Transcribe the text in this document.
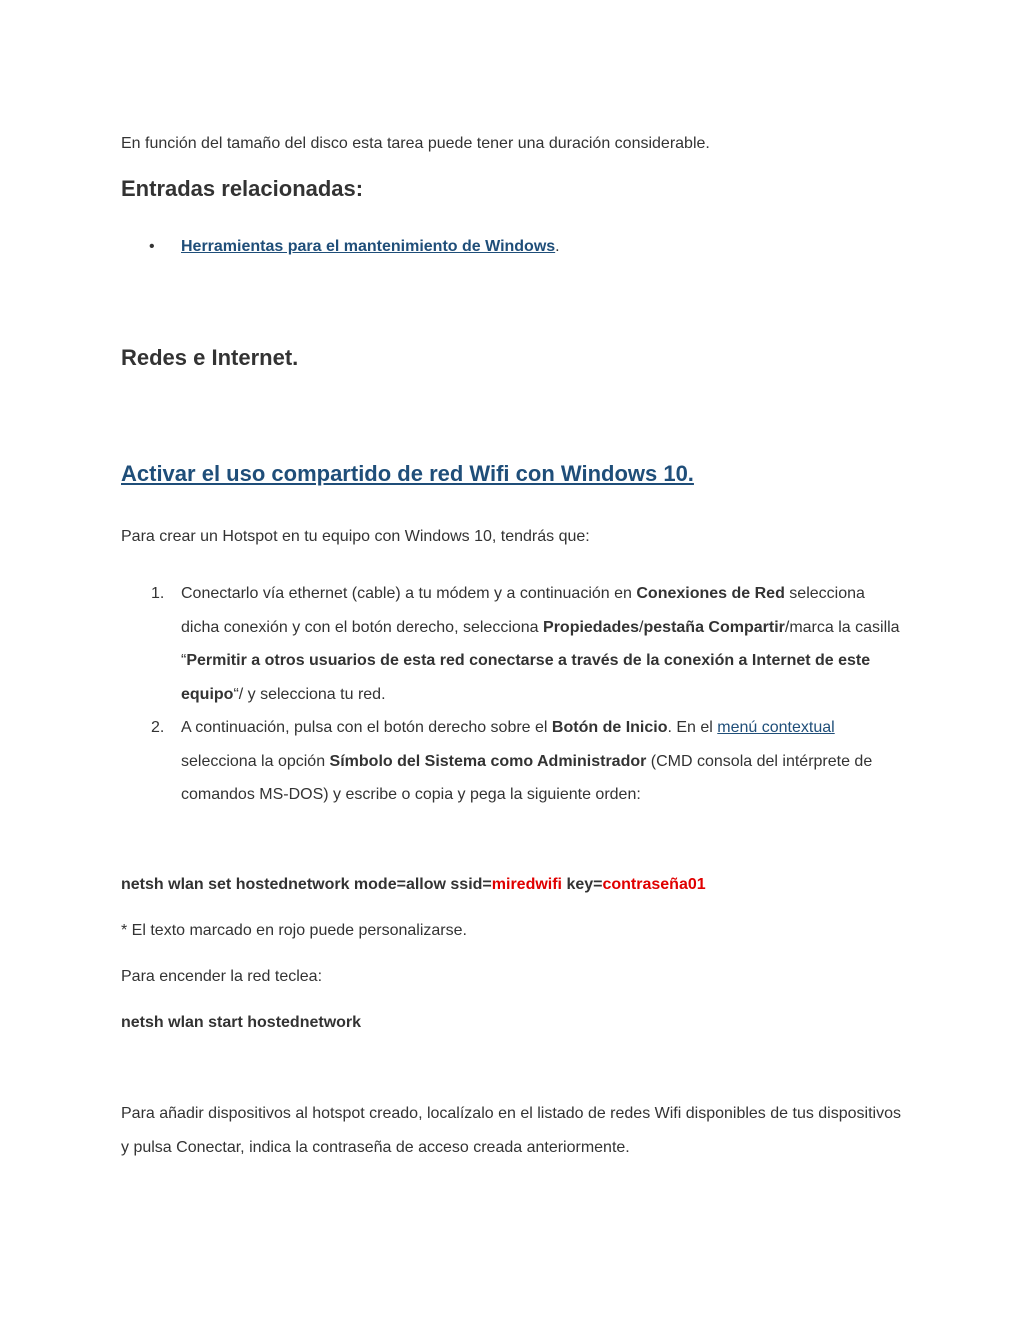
En función del tamaño del disco esta tarea puede tener una duración considerable.

Entradas relacionadas:
• Herramientas para el mantenimiento de Windows.
Redes e Internet.
Activar el uso compartido de red Wifi con Windows 10.

Para crear un Hotspot en tu equipo con Windows 10, tendrás que:

1. Conectarlo vía ethernet (cable) a tu módem y a continuación en Conexiones de Red selecciona dicha conexión y con el botón derecho, selecciona Propiedades/pestaña Compartir/marca la casilla “Permitir a otros usuarios de esta red conectarse a través de la conexión a Internet de este equipo“/ y selecciona tu red.

2. A continuación, pulsa con el botón derecho sobre el Botón de Inicio. En el menú contextual selecciona la opción Símbolo del Sistema como Administrador (CMD consola del intérprete de comandos MS-DOS) y escribe o copia y pega la siguiente orden:

netsh wlan set hostednetwork mode=allow ssid=miredwifi key=contraseña01

* El texto marcado en rojo puede personalizarse.

Para encender la red teclea:

netsh wlan start hostednetwork

Para añadir dispositivos al hotspot creado, localízalo en el listado de redes Wifi disponibles de tus dispositivos y pulsa Conectar, indica la contraseña de acceso creada anteriormente.
